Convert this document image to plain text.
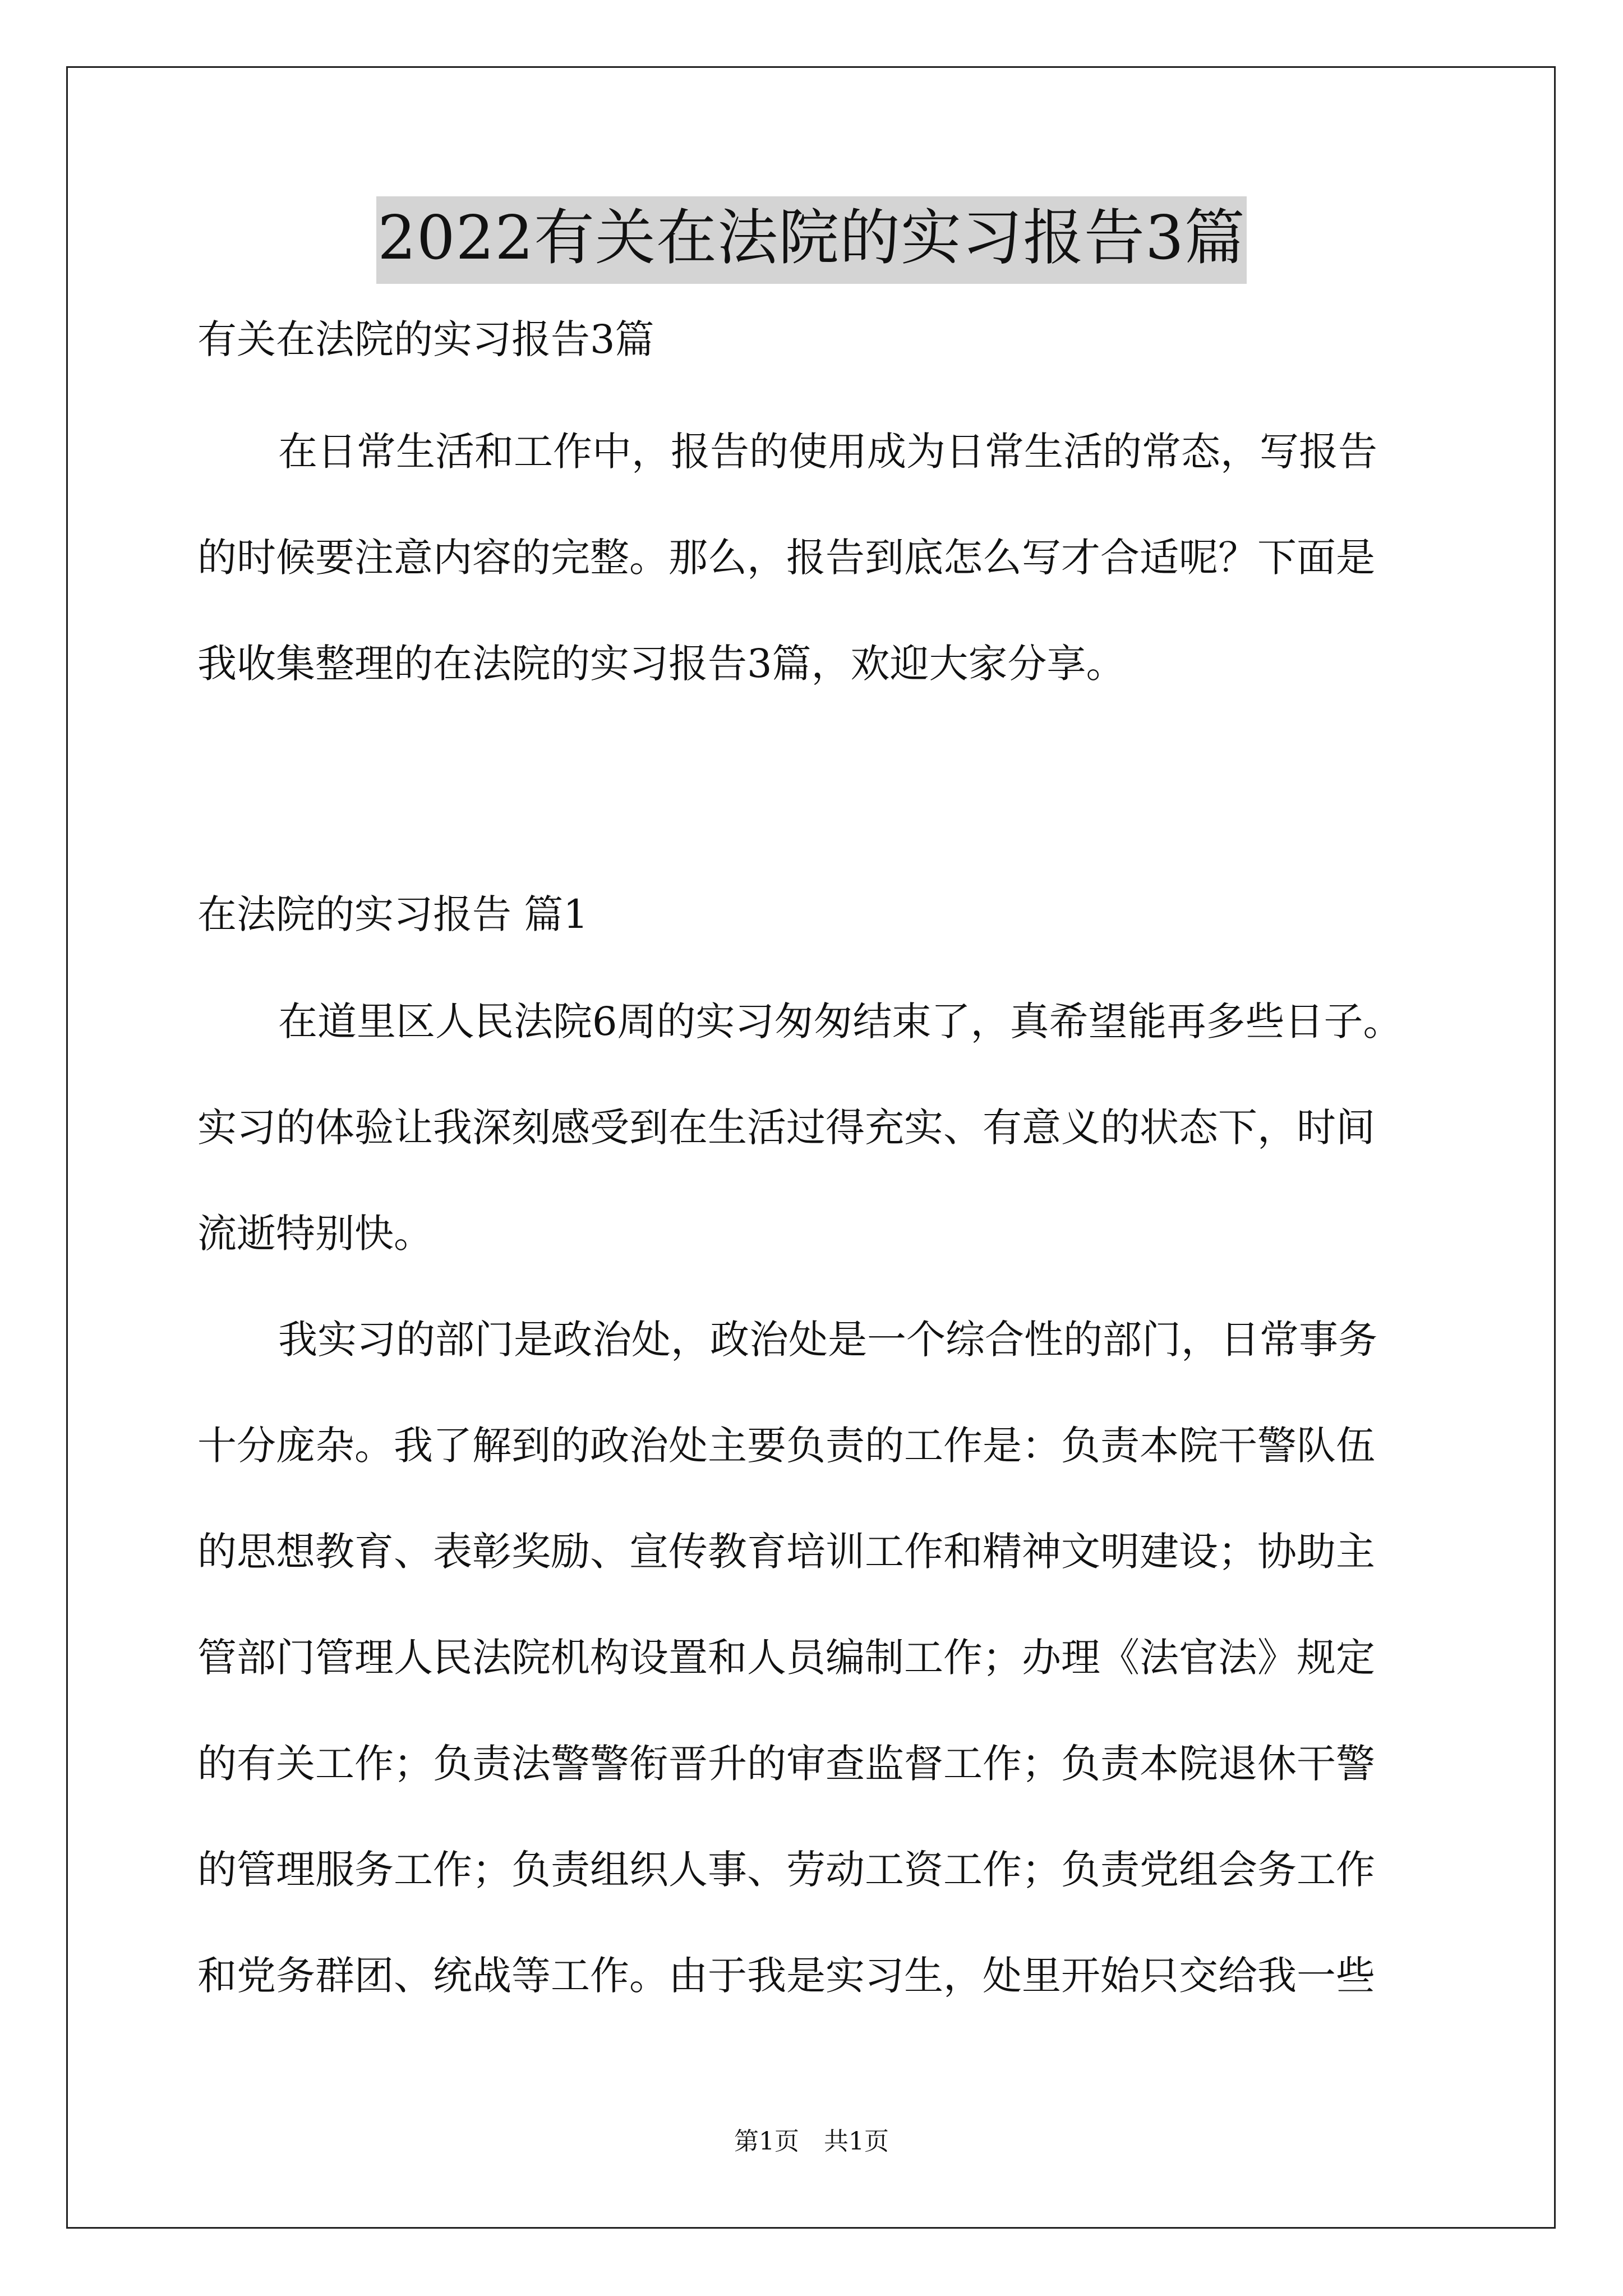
2022有关在法院的实习报告3篇
有关在法院的实习报告3篇
在日常生活和工作中，报告的使用成为日常生活的常态，写报告
的时候要注意内容的完整。那么，报告到底怎么写才合适呢？下面是
我收集整理的在法院的实习报告3篇，欢迎大家分享。
在法院的实习报告 篇1
在道里区人民法院6周的实习匆匆结束了，真希望能再多些日子。
实习的体验让我深刻感受到在生活过得充实、有意义的状态下，时间
流逝特别快。
我实习的部门是政治处，政治处是一个综合性的部门，日常事务
十分庞杂。我了解到的政治处主要负责的工作是：负责本院干警队伍
的思想教育、表彰奖励、宣传教育培训工作和精神文明建设；协助主
管部门管理人民法院机构设置和人员编制工作；办理《法官法》规定
的有关工作；负责法警警衔晋升的审查监督工作；负责本院退休干警
的管理服务工作；负责组织人事、劳动工资工作；负责党组会务工作
和党务群团、统战等工作。由于我是实习生，处里开始只交给我一些
第1页 共1页
